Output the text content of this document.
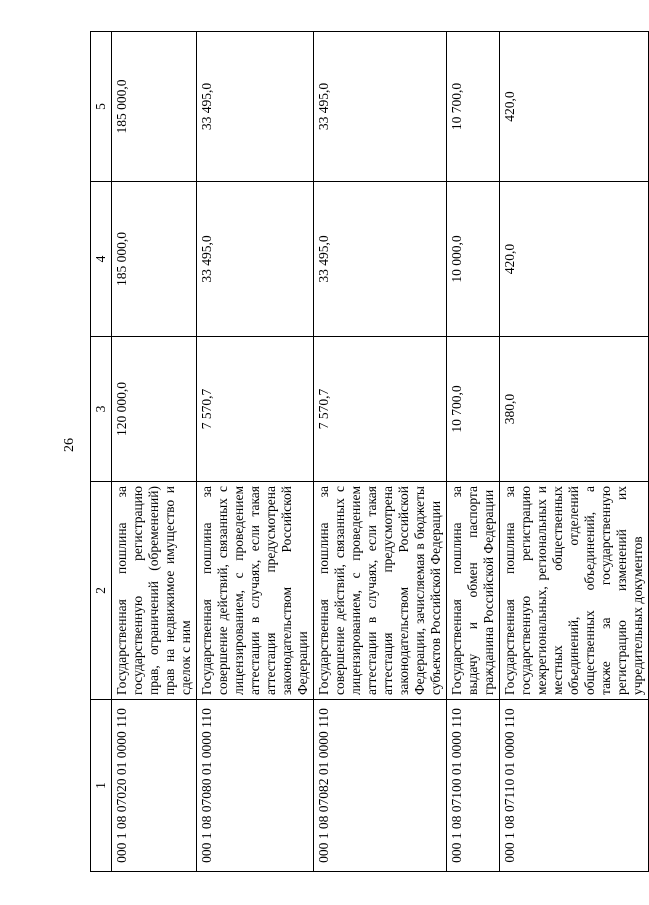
26
1	2	3	4	5
000 1 08 07020 01 0000 110	Государственная пошлина за государственную регистрацию прав, ограничений (обременений) прав на недвижимое имущество и сделок с ним	120 000,0	185 000,0	185 000,0
000 1 08 07080 01 0000 110	Государственная пошлина за совершение действий, связанных с лицензированием, с проведением аттестации в случаях, если такая аттестация предусмотрена законодательством Российской Федерации	7 570,7	33 495,0	33 495,0
000 1 08 07082 01 0000 110	Государственная пошлина за совершение действий, связанных с лицензированием, с проведением аттестации в случаях, если такая аттестация предусмотрена законодательством Российской Федерации, зачисляемая в бюджеты субъектов Российской Федерации	7 570,7	33 495,0	33 495,0
000 1 08 07100 01 0000 110	Государственная пошлина за выдачу и обмен паспорта гражданина Российской Федерации	10 700,0	10 000,0	10 700,0
000 1 08 07110 01 0000 110	Государственная пошлина за государственную регистрацию межрегиональных, региональных и местных общественных объединений, отделений общественных объединений, а также за государственную регистрацию изменений их учредительных документов	380,0	420,0	420,0
